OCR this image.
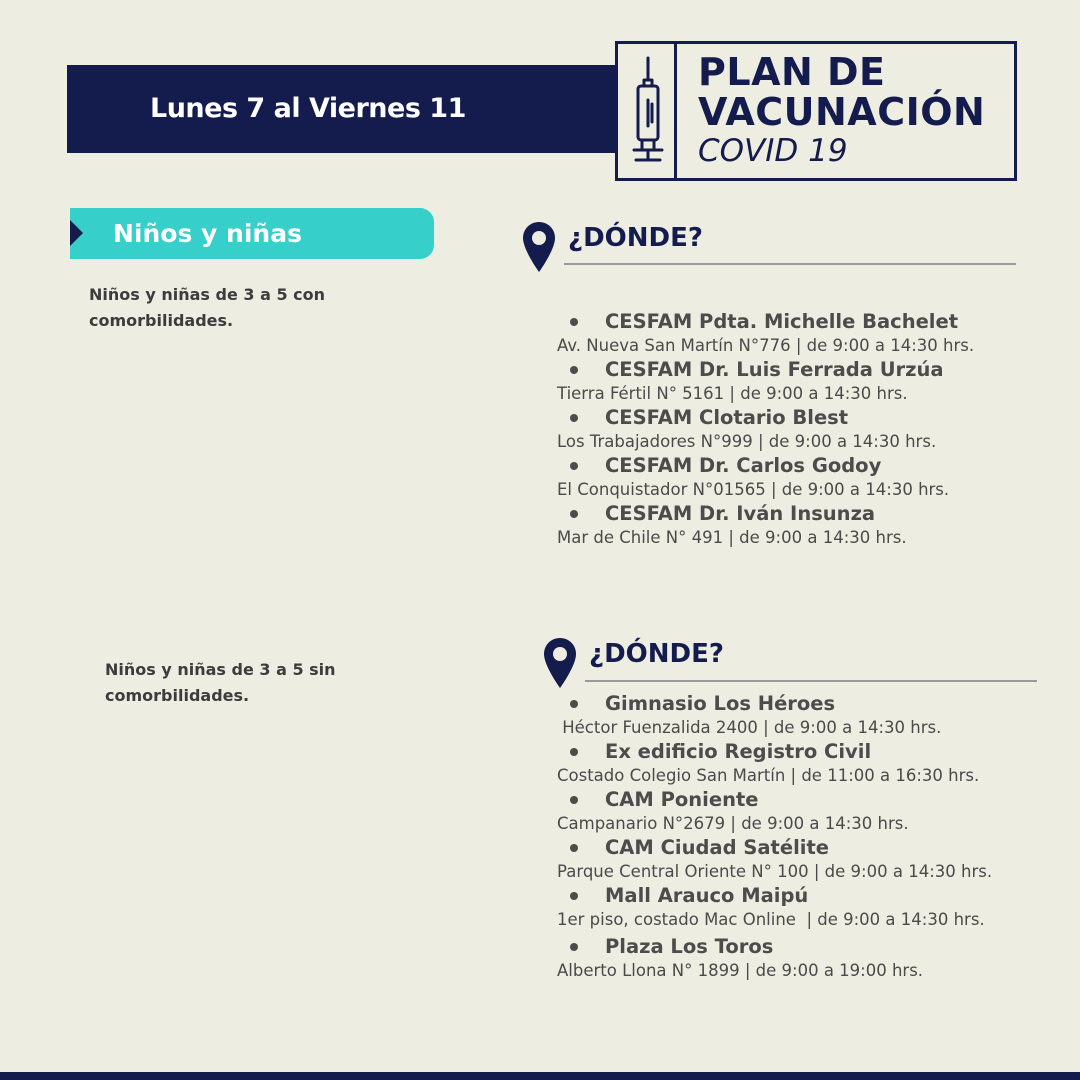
Lunes 7 al Viernes 11
PLAN DE
VACUNACIÓN
COVID 19
Niños y niñas
Niños y niñas de 3 a 5 con comorbilidades.
¿DÓNDE?
CESFAM Pdta. Michelle Bachelet
Av. Nueva San Martín N°776 | de 9:00 a 14:30 hrs.
CESFAM Dr. Luis Ferrada Urzúa
Tierra Fértil N° 5161 | de 9:00 a 14:30 hrs.
CESFAM Clotario Blest
Los Trabajadores N°999 | de 9:00 a 14:30 hrs.
CESFAM Dr. Carlos Godoy
El Conquistador N°01565 | de 9:00 a 14:30 hrs.
CESFAM Dr. Iván Insunza
Mar de Chile N° 491 | de 9:00 a 14:30 hrs.
Niños y niñas de 3 a 5 sin comorbilidades.
¿DÓNDE?
Gimnasio Los Héroes
Héctor Fuenzalida 2400 | de 9:00 a 14:30 hrs.
Ex edificio Registro Civil
Costado Colegio San Martín | de 11:00 a 16:30 hrs.
CAM Poniente
Campanario N°2679 | de 9:00 a 14:30 hrs.
CAM Ciudad Satélite
Parque Central Oriente N° 100 | de 9:00 a 14:30 hrs.
Mall Arauco Maipú
1er piso, costado Mac Online  | de 9:00 a 14:30 hrs.
Plaza Los Toros
Alberto Llona N° 1899 | de 9:00 a 19:00 hrs.
